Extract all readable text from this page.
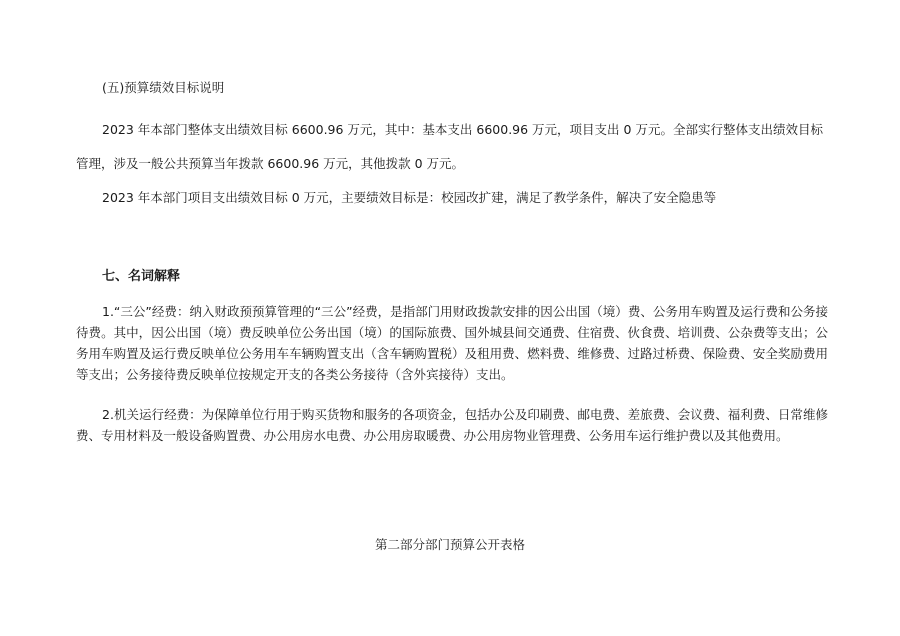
(五)预算绩效目标说明
2023 年本部门整体支出绩效目标 6600.96 万元，其中：基本支出 6600.96 万元，项目支出 0 万元。全部实行整体支出绩效目标
管理，涉及一般公共预算当年拨款 6600.96 万元，其他拨款 0 万元。
2023 年本部门项目支出绩效目标 0 万元，主要绩效目标是：校园改扩建，满足了教学条件，解决了安全隐患等
七、名词解释
1.“三公”经费：纳入财政预预算管理的“三公”经费，是指部门用财政拨款安排的因公出国（境）费、公务用车购置及运行费和公务接待费。其中，因公出国（境）费反映单位公务出国（境）的国际旅费、国外城县间交通费、住宿费、伙食费、培训费、公杂费等支出；公务用车购置及运行费反映单位公务用车车辆购置支出（含车辆购置税）及租用费、燃料费、维修费、过路过桥费、保险费、安全奖励费用等支出；公务接待费反映单位按规定开支的各类公务接待（含外宾接待）支出。
2.机关运行经费：为保障单位行用于购买货物和服务的各项资金，包括办公及印刷费、邮电费、差旅费、会议费、福利费、日常维修费、专用材料及一般设备购置费、办公用房水电费、办公用房取暖费、办公用房物业管理费、公务用车运行维护费以及其他费用。
第二部分部门预算公开表格
